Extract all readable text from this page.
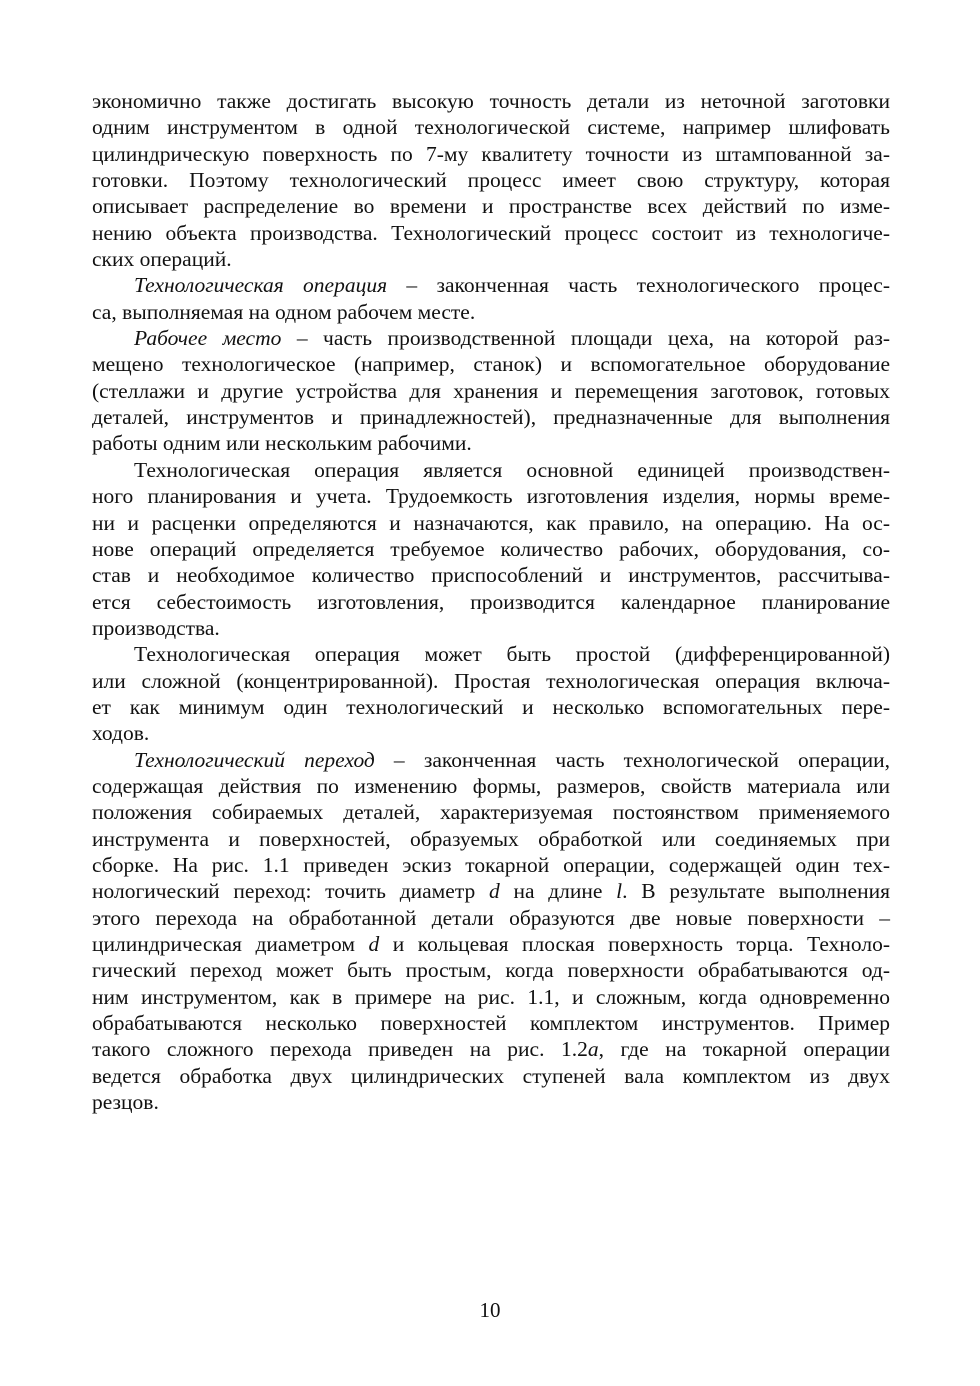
экономично также достигать высокую точность детали из неточной заготовки
одним инструментом в одной технологической системе, например шлифовать
цилиндрическую поверхность по 7-му квалитету точности из штампованной за-
готовки. Поэтому технологический процесс имеет свою структуру, которая
описывает распределение во времени и пространстве всех действий по изме-
нению объекта производства. Технологический процесс состоит из технологиче-
ских операций.
Технологическая операция – законченная часть технологического процес-
са, выполняемая на одном рабочем месте.
Рабочее место – часть производственной площади цеха, на которой раз-
мещено технологическое (например, станок) и вспомогательное оборудование
(стеллажи и другие устройства для хранения и перемещения заготовок, готовых
деталей, инструментов и принадлежностей), предназначенные для выполнения
работы одним или нескольким рабочими.
Технологическая операция является основной единицей производствен-
ного планирования и учета. Трудоемкость изготовления изделия, нормы време-
ни и расценки определяются и назначаются, как правило, на операцию. На ос-
нове операций определяется требуемое количество рабочих, оборудования, со-
став и необходимое количество приспособлений и инструментов, рассчитыва-
ется себестоимость изготовления, производится календарное планирование
производства.
Технологическая операция может быть простой (дифференцированной)
или сложной (концентрированной). Простая технологическая операция включа-
ет как минимум один технологический и несколько вспомогательных пере-
ходов.
Технологический переход – законченная часть технологической операции,
содержащая действия по изменению формы, размеров, свойств материала или
положения собираемых деталей, характеризуемая постоянством применяемого
инструмента и поверхностей, образуемых обработкой или соединяемых при
сборке. На рис. 1.1 приведен эскиз токарной операции, содержащей один тех-
нологический переход: точить диаметр d на длине l. В результате выполнения
этого перехода на обработанной детали образуются две новые поверхности –
цилиндрическая диаметром d и кольцевая плоская поверхность торца. Техноло-
гический переход может быть простым, когда поверхности обрабатываются од-
ним инструментом, как в примере на рис. 1.1, и сложным, когда одновременно
обрабатываются несколько поверхностей комплектом инструментов. Пример
такого сложного перехода приведен на рис. 1.2а, где на токарной операции
ведется обработка двух цилиндрических ступеней вала комплектом из двух
резцов.
10
